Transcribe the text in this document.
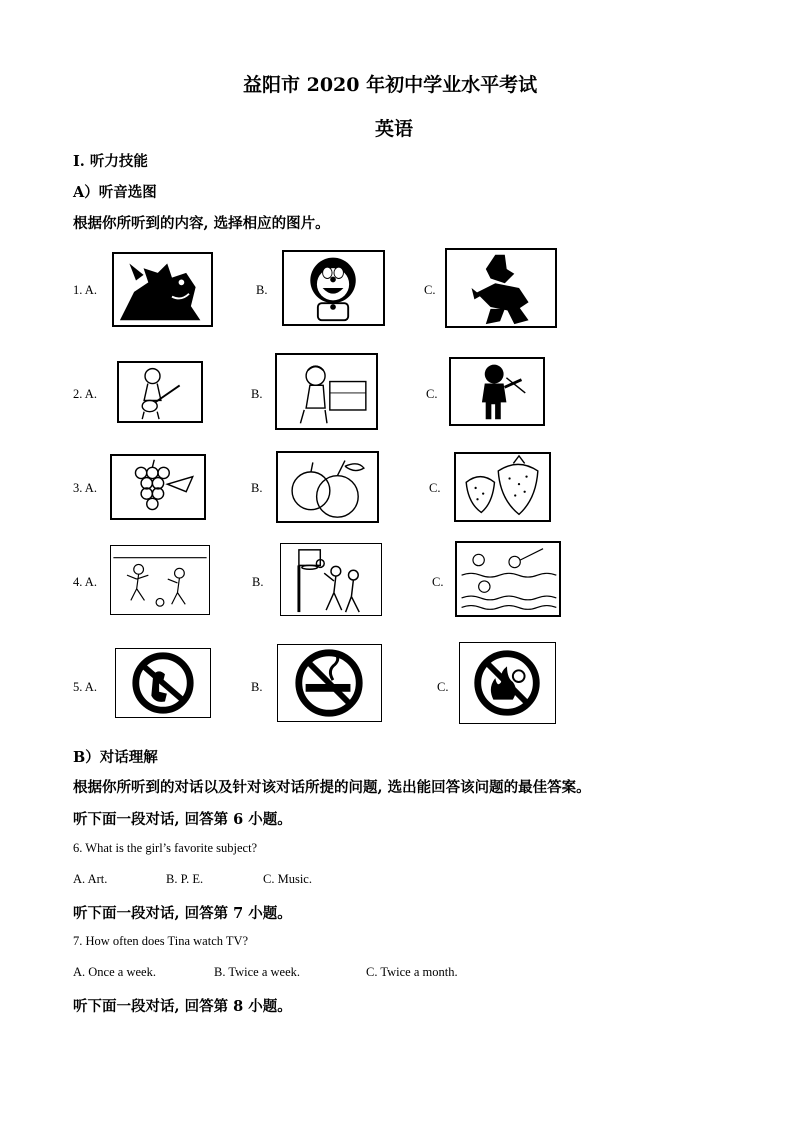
益阳市 2020 年初中学业水平考试
英语
Ⅰ. 听力技能
A）听音选图
根据你所听到的内容, 选择相应的图片。
1. A.	B.	C.
2. A.	B.	C.
3. A.	B.	C.
4. A.	B.	C.
5. A.	B.	C.
B）对话理解
根据你所听到的对话以及针对该对话所提的问题, 选出能回答该问题的最佳答案。
听下面一段对话, 回答第 6 小题。
6. What is the girl’s favorite subject?
A. Art.	B. P. E.	C. Music.
听下面一段对话, 回答第 7 小题。
7. How often does Tina watch TV?
A. Once a week.	B. Twice a week.	C. Twice a month.
听下面一段对话, 回答第 8 小题。
